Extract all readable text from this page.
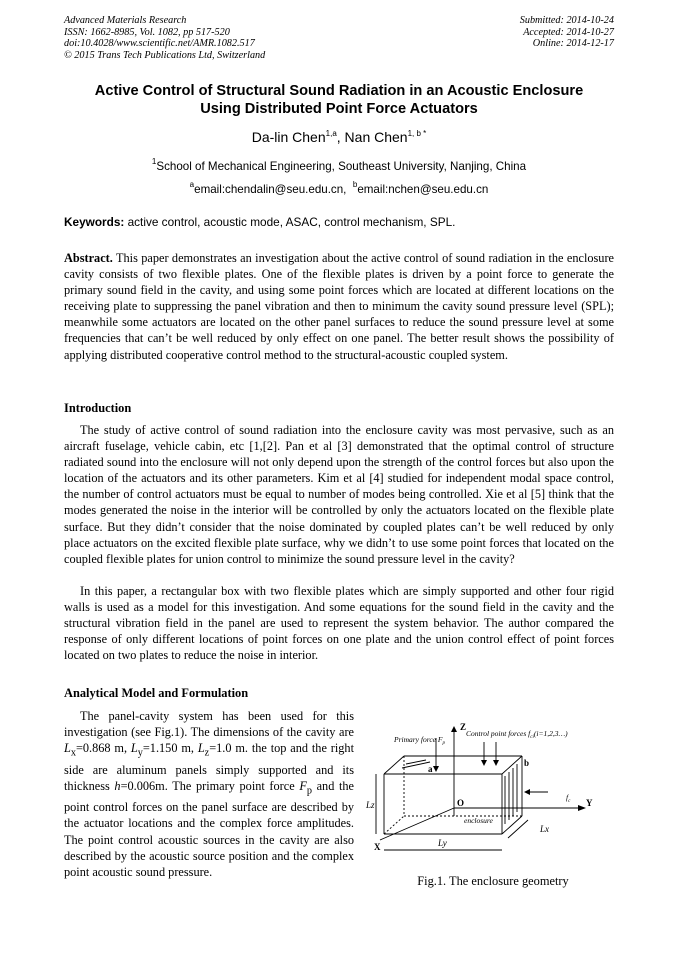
Advanced Materials Research
ISSN: 1662-8985, Vol. 1082, pp 517-520
doi:10.4028/www.scientific.net/AMR.1082.517
© 2015 Trans Tech Publications Ltd, Switzerland
Submitted: 2014-10-24
Accepted: 2014-10-27
Online: 2014-12-17
Active Control of Structural Sound Radiation in an Acoustic Enclosure
Using Distributed Point Force Actuators
Da-lin Chen$^{1,a}$, Nan Chen$^{1, b *}$
$^1$School of Mechanical Engineering, Southeast University, Nanjing, China
$^a$email:chendalin@seu.edu.cn, $^b$email:nchen@seu.edu.cn
Keywords: active control, acoustic mode, ASAC, control mechanism, SPL.
Abstract. This paper demonstrates an investigation about the active control of sound radiation in the enclosure cavity consists of two flexible plates. One of the flexible plates is driven by a point force to generate the primary sound field in the cavity, and using some point forces which are located at different locations on the receiving plate to suppressing the panel vibration and then to minimum the cavity sound pressure level (SPL); meanwhile some actuators are located on the other panel surfaces to reduce the sound pressure level at some frequencies that can’t be well reduced by only effect on one panel. The better result shows the possibility of applying distributed cooperative control method to the structural-acoustic coupled system.
Introduction
The study of active control of sound radiation into the enclosure cavity was most pervasive, such as an aircraft fuselage, vehicle cabin, etc [1,[2]. Pan et al [3] demonstrated that the optimal control of structure radiated sound into the enclosure will not only depend upon the strength of the control forces but also upon the location of the actuators and its other parameters. Kim et al [4] studied for independent modal space control, the number of control actuators must be equal to number of modes being controlled. Xie et al [5] think that the modes generated the noise in the interior will be controlled by only the actuators located on the flexible plate surface. But they didn’t consider that the noise dominated by coupled plates can’t be well reduced by only place actuators on the excited flexible plate surface, why we didn’t to use some point forces that located on the coupled flexible plates for union control to minimize the sound pressure level in the cavity?
In this paper, a rectangular box with two flexible plates which are simply supported and other four rigid walls is used as a model for this investigation. And some equations for the sound field in the cavity and the structural vibration field in the panel are used to represent the system behavior. The author compared the response of only different locations of point forces on one plate and the union control effect of point forces located on two plates to reduce the noise in interior.
Analytical Model and Formulation
The panel-cavity system has been used for this investigation (see Fig.1). The dimensions of the cavity are $L_x=0.868$ m, $L_y=1.150$ m, $L_z=1.0$ m. the top and the right side are aluminum panels simply supported and its thickness h=0.006m. The primary point force $F_p$ and the point control forces on the panel surface are described by the actuator locations and the complex force amplitudes. The point control acoustic sources in the cavity are also described by the acoustic source position and the complex point acoustic sound pressure.
Primary force $F_p$
Control point forces $f_{ci}(i=1,2,3\dots)$
enclosure
$f_c$
Lz
Lx
Ly
Z
Y
X
O
a
b
Fig.1. The enclosure geometry
